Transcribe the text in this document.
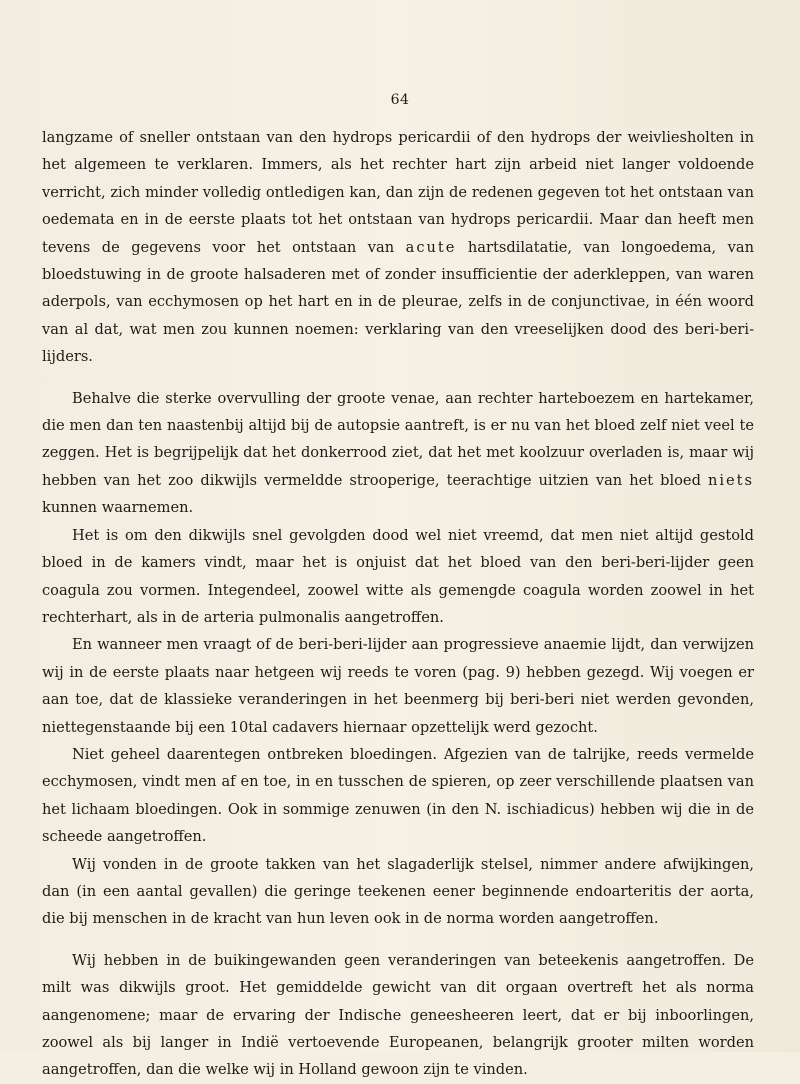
64

langzame of sneller ontstaan van den hydrops pericardii of den hydrops der weivliesholten in het algemeen te verklaren. Immers, als het rechter hart zijn arbeid niet langer voldoende verricht, zich minder volledig ontledigen kan, dan zijn de redenen gegeven tot het ontstaan van oedemata en in de eerste plaats tot het ontstaan van hydrops pericardii. Maar dan heeft men tevens de gegevens voor het ontstaan van acute hartsdilatatie, van longoedema, van bloedstuwing in de groote halsaderen met of zonder insufficientie der aderkleppen, van waren aderpols, van ecchymosen op het hart en in de pleurae, zelfs in de conjunctivae, in één woord van al dat, wat men zou kunnen noemen: verklaring van den vreeselijken dood des beri-beri-lijders.

Behalve die sterke overvulling der groote venae, aan rechter harteboezem en hartekamer, die men dan ten naastenbij altijd bij de autopsie aantreft, is er nu van het bloed zelf niet veel te zeggen. Het is begrijpelijk dat het donkerrood ziet, dat het met koolzuur overladen is, maar wij hebben van het zoo dikwijls vermeldde strooperige, teerachtige uitzien van het bloed niets kunnen waarnemen.

Het is om den dikwijls snel gevolgden dood wel niet vreemd, dat men niet altijd gestold bloed in de kamers vindt, maar het is onjuist dat het bloed van den beri-beri-lijder geen coagula zou vormen. Integendeel, zoowel witte als gemengde coagula worden zoowel in het rechterhart, als in de arteria pulmonalis aangetroffen.

En wanneer men vraagt of de beri-beri-lijder aan progressieve anaemie lijdt, dan verwijzen wij in de eerste plaats naar hetgeen wij reeds te voren (pag. 9) hebben gezegd. Wij voegen er aan toe, dat de klassieke veranderingen in het beenmerg bij beri-beri niet werden gevonden, niettegenstaande bij een 10tal cadavers hiernaar opzettelijk werd gezocht.

Niet geheel daarentegen ontbreken bloedingen. Afgezien van de talrijke, reeds vermelde ecchymosen, vindt men af en toe, in en tusschen de spieren, op zeer verschillende plaatsen van het lichaam bloedingen. Ook in sommige zenuwen (in den N. ischiadicus) hebben wij die in de scheede aangetroffen.

Wij vonden in de groote takken van het slagaderlijk stelsel, nimmer andere afwijkingen, dan (in een aantal gevallen) die geringe teekenen eener beginnende endoarteritis der aorta, die bij menschen in de kracht van hun leven ook in de norma worden aangetroffen.

Wij hebben in de buikingewanden geen veranderingen van beteekenis aangetroffen. De milt was dikwijls groot. Het gemiddelde gewicht van dit orgaan overtreft het als norma aangenomene; maar de ervaring der Indische geneesheeren leert, dat er bij inboorlingen, zoowel als bij langer in Indië vertoevende Europeanen, belangrijk grooter milten worden aangetroffen, dan die welke wij in Holland gewoon zijn te vinden.
